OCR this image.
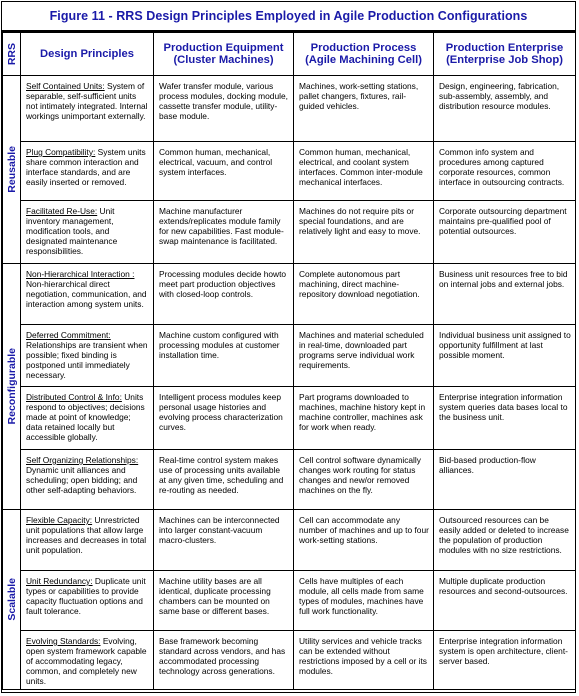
Figure 11 - RRS Design Principles Employed in Agile Production Configurations
RRS	Design Principles	Production Equipment (Cluster Machines)	Production Process (Agile Machining Cell)	Production Enterprise (Enterprise Job Shop)

Reusable	Self Contained Units: System of separable, self-sufficient units not intimately integrated. Internal workings unimportant externally.	Wafer transfer module, various process modules, docking module, cassette transfer module, utility-base module.	Machines, work-setting stations, pallet changers, fixtures, rail-guided vehicles.	Design, engineering, fabrication, sub-assembly, assembly, and distribution resource modules.
	Plug Compatibility: System units share common interaction and interface standards, and are easily inserted or removed.	Common human, mechanical, electrical, vacuum, and control system interfaces.	Common human, mechanical, electrical, and coolant system interfaces. Common inter-module mechanical interfaces.	Common info system and procedures among captured corporate resources, common interface in outsourcing contracts.
	Facilitated Re-Use: Unit inventory management, modification tools, and designated maintenance responsibilities.	Machine manufacturer extends/replicates module family for new capabilities. Fast module-swap maintenance is facilitated.	Machines do not require pits or special foundations, and are relatively light and easy to move.	Corporate outsourcing department maintains pre-qualified pool of potential outsources.

Reconfigurable	Non-Hierarchical Interaction : Non-hierarchical direct negotiation, communication, and interaction among system units.	Processing modules decide howto meet part production objectives with closed-loop controls.	Complete autonomous part machining, direct machine-repository download negotiation.	Business unit resources free to bid on internal jobs and external jobs.
	Deferred Commitment: Relationships are transient when possible; fixed binding is postponed until immediately necessary.	Machine custom configured with processing modules at customer installation time.	Machines and material scheduled in real-time, downloaded part programs serve individual work requirements.	Individual business unit assigned to opportunity fulfillment at last possible moment.
	Distributed Control & Info: Units respond to objectives; decisions made at point of knowledge; data retained locally but accessible globally.	Intelligent process modules keep personal usage histories and evolving process characterization curves.	Part programs downloaded to machines, machine history kept in machine controller, machines ask for work when ready.	Enterprise integration information system queries data bases local to the business unit.
	Self Organizing Relationships: Dynamic unit alliances and scheduling; open bidding; and other self-adapting behaviors.	Real-time control system makes use of processing units available at any given time, scheduling and re-routing as needed.	Cell control software dynamically changes work routing for status changes and new/or removed machines on the fly.	Bid-based production-flow alliances.

Scalable	Flexible Capacity: Unrestricted unit populations that allow large increases and decreases in total unit population.	Machines can be interconnected into larger constant-vacuum macro-clusters.	Cell can accommodate any number of machines and up to four work-setting stations.	Outsourced resources can be easily added or deleted to increase the population of production modules with no size restrictions.
	Unit Redundancy: Duplicate unit types or capabilities to provide capacity fluctuation options and fault tolerance.	Machine utility bases are all identical, duplicate processing chambers can be mounted on same base or different bases.	Cells have multiples of each module, all cells made from same types of modules, machines have full work functionality.	Multiple duplicate production resources and second-outsources.
	Evolving Standards: Evolving, open system framework capable of accommodating legacy, common, and completely new units.	Base framework becoming standard across vendors, and has accommodated processing technology across generations.	Utility services and vehicle tracks can be extended without restrictions imposed by a cell or its modules.	Enterprise integration information system is open architecture, client-server based.
